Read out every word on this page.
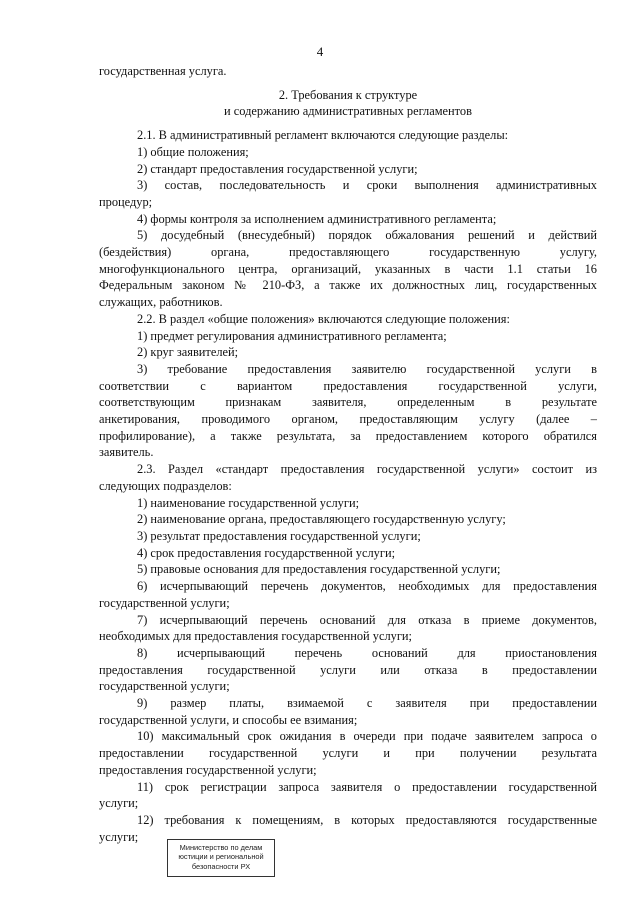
4

государственная услуга.

2. Требования к структуре

и содержанию административных регламентов

2.1. В административный регламент включаются следующие разделы:

1) общие положения;

2) стандарт предоставления государственной услуги;

3) состав, последовательность и сроки выполнения административных

процедур;

4) формы контроля за исполнением административного регламента;

5) досудебный (внесудебный) порядок обжалования решений и действий

(бездействия) органа, предоставляющего государственную услугу,

многофункционального центра, организаций, указанных в части 1.1 статьи 16

Федеральным законом № 210-ФЗ, а также их должностных лиц, государственных

служащих, работников.

2.2. В раздел «общие положения» включаются следующие положения:

1) предмет регулирования административного регламента;

2) круг заявителей;

3) требование предоставления заявителю государственной услуги в

соответствии с вариантом предоставления государственной услуги,

соответствующим признакам заявителя, определенным в результате

анкетирования, проводимого органом, предоставляющим услугу (далее –

профилирование), а также результата, за предоставлением которого обратился

заявитель.

2.3. Раздел «стандарт предоставления государственной услуги» состоит из

следующих подразделов:

1) наименование государственной услуги;

2) наименование органа, предоставляющего государственную услугу;

3) результат предоставления государственной услуги;

4) срок предоставления государственной услуги;

5) правовые основания для предоставления государственной услуги;

6) исчерпывающий перечень документов, необходимых для предоставления

государственной услуги;

7) исчерпывающий перечень оснований для отказа в приеме документов,

необходимых для предоставления государственной услуги;

8) исчерпывающий перечень оснований для приостановления

предоставления государственной услуги или отказа в предоставлении

государственной услуги;

9) размер платы, взимаемой с заявителя при предоставлении

государственной услуги, и способы ее взимания;

10) максимальный срок ожидания в очереди при подаче заявителем запроса о

предоставлении государственной услуги и при получении результата

предоставления государственной услуги;

11) срок регистрации запроса заявителя о предоставлении государственной

услуги;

12) требования к помещениям, в которых предоставляются государственные

услуги;

Министерство по делам
юстиции и региональной
безопасности РХ
